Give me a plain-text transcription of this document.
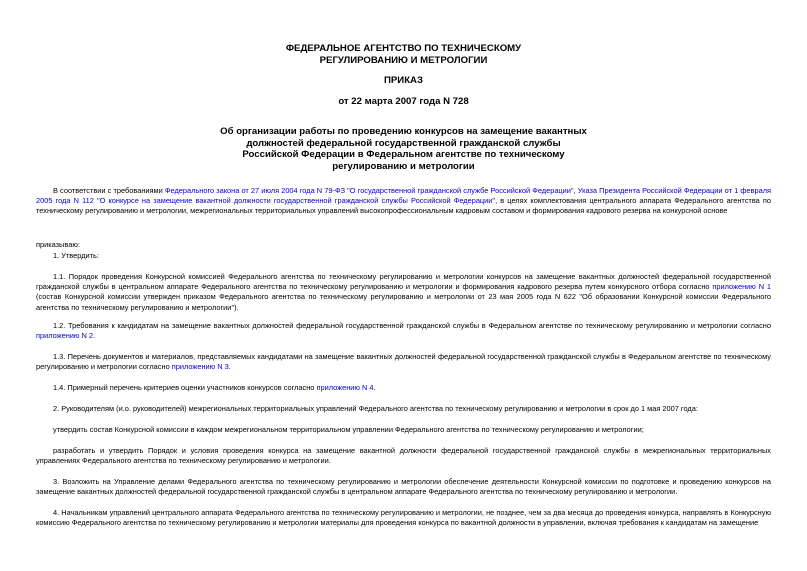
ФЕДЕРАЛЬНОЕ АГЕНТСТВО ПО ТЕХНИЧЕСКОМУ
РЕГУЛИРОВАНИЮ И МЕТРОЛОГИИ
ПРИКАЗ
от 22 марта 2007 года N 728
Об организации работы по проведению конкурсов на замещение вакантных
должностей федеральной государственной гражданской службы
Российской Федерации в Федеральном агентстве по техническому
регулированию и метрологии
В соответствии с требованиями Федерального закона от 27 июля 2004 года N 79-ФЗ "О государственной гражданской службе Российской Федерации", Указа Президента Российской Федерации от 1 февраля 2005 года N 112 "О конкурсе на замещение вакантной должности государственной гражданской службы Российской Федерации", в целях комплектования центрального аппарата Федерального агентства по техническому регулированию и метрологии, межрегиональных территориальных управлений высокопрофессиональным кадровым составом и формирования кадрового резерва на конкурсной основе
приказываю:
1. Утвердить:
1.1. Порядок проведения Конкурсной комиссией Федерального агентства по техническому регулированию и метрологии конкурсов на замещение вакантных должностей федеральной государственной гражданской службы в центральном аппарате Федерального агентства по техническому регулированию и метрологии и формирования кадрового резерва путем конкурсного отбора согласно приложению N 1 (состав Конкурсной комиссии утвержден приказом Федерального агентства по техническому регулированию и метрологии от 23 мая 2005 года N 622 "Об образовании Конкурсной комиссии Федерального агентства по техническому регулированию и метрологии").
1.2. Требования к кандидатам на замещение вакантных должностей федеральной государственной гражданской службы в Федеральном агентстве по техническому регулированию и метрологии согласно приложению N 2.
1.3. Перечень документов и материалов, представляемых кандидатами на замещение вакантных должностей федеральной государственной гражданской службы в Федеральном агентстве по техническому регулированию и метрологии согласно приложению N 3.
1.4. Примерный перечень критериев оценки участников конкурсов согласно приложению N 4.
2. Руководителям (и.о. руководителей) межрегиональных территориальных управлений Федерального агентства по техническому регулированию и метрологии в срок до 1 мая 2007 года:
утвердить состав Конкурсной комиссии в каждом межрегиональном территориальном управлении Федерального агентства по техническому регулированию и метрологии;
разработать и утвердить Порядок и условия проведения конкурса на замещение вакантной должности федеральной государственной гражданской службы в межрегиональных территориальных управлениях Федерального агентства по техническому регулированию и метрологии.
3. Возложить на Управление делами Федерального агентства по техническому регулированию и метрологии обеспечение деятельности Конкурсной комиссии по подготовке и проведению конкурсов на замещение вакантных должностей федеральной государственной гражданской службы в центральном аппарате Федерального агентства по техническому регулированию и метрологии.
4. Начальникам управлений центрального аппарата Федерального агентства по техническому регулированию и метрологии, не позднее, чем за два месяца до проведения конкурса, направлять в Конкурсную комиссию Федерального агентства по техническому регулированию и метрологии материалы для проведения конкурса по вакантной должности в управлении, включая требования к кандидатам на замещение
